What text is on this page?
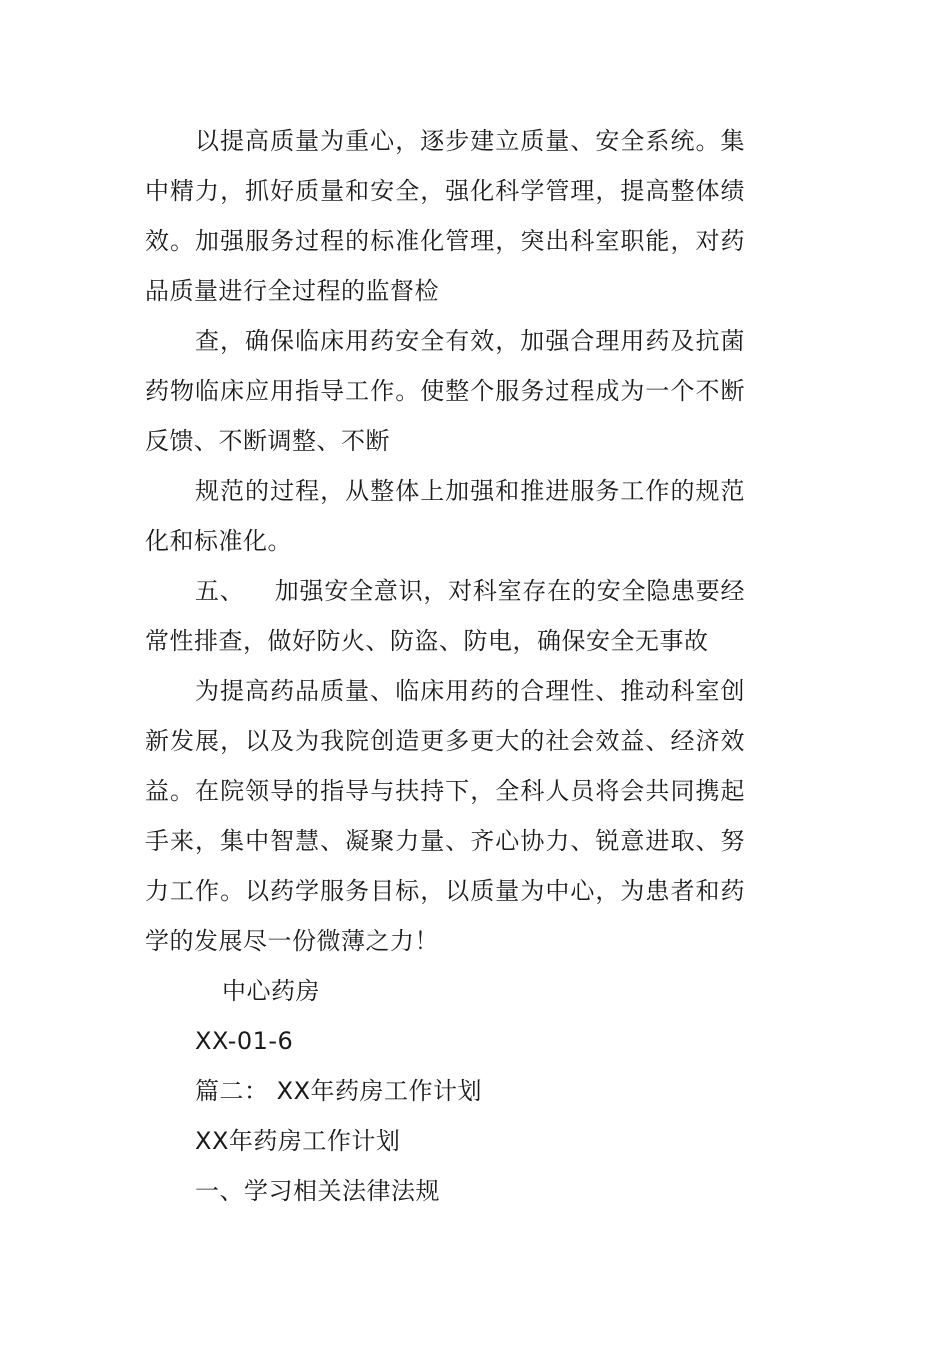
以提高质量为重心，逐步建立质量、安全系统。集中精力，抓好质量和安全，强化科学管理，提高整体绩效。加强服务过程的标准化管理，突出科室职能，对药品质量进行全过程的监督检

查，确保临床用药安全有效，加强合理用药及抗菌药物临床应用指导工作。使整个服务过程成为一个不断反馈、不断调整、不断

规范的过程，从整体上加强和推进服务工作的规范化和标准化。

五、 加强安全意识，对科室存在的安全隐患要经常性排查，做好防火、防盗、防电，确保安全无事故

为提高药品质量、临床用药的合理性、推动科室创新发展，以及为我院创造更多更大的社会效益、经济效益。在院领导的指导与扶持下，全科人员将会共同携起手来，集中智慧、凝聚力量、齐心协力、锐意进取、努力工作。以药学服务目标，以质量为中心，为患者和药学的发展尽一份微薄之力！

中心药房

XX-01-6

篇二： XX年药房工作计划

XX年药房工作计划

一、学习相关法律法规
